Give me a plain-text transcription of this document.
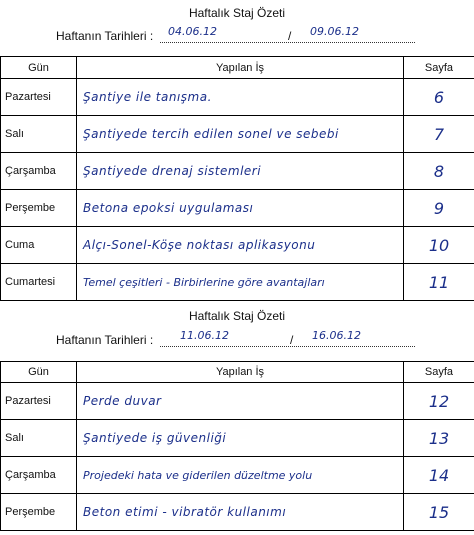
Haftalık Staj Özeti
Haftanın Tarihleri : 04.06.12	/ 09.06.12
Gün	Yapılan İş	Sayfa
Pazartesi	Şantiye ile tanışma.	6
Salı	Şantiyede tercih edilen sonel ve sebebi	7
Çarşamba	Şantiyede drenaj sistemleri	8
Perşembe	Betona epoksi uygulaması	9
Cuma	Alçı-Sonel-Köşe noktası aplikasyonu	10
Cumartesi	Temel çeşitleri - Birbirlerine göre avantajları	11
Haftalık Staj Özeti
Haftanın Tarihleri : 11.06.12	/ 16.06.12
Gün	Yapılan İş	Sayfa
Pazartesi	Perde duvar	12
Salı	Şantiyede iş güvenliği	13
Çarşamba	Projedeki hata ve giderilen düzeltme yolu	14
Perşembe	Beton etimi - vibratör kullanımı	15
